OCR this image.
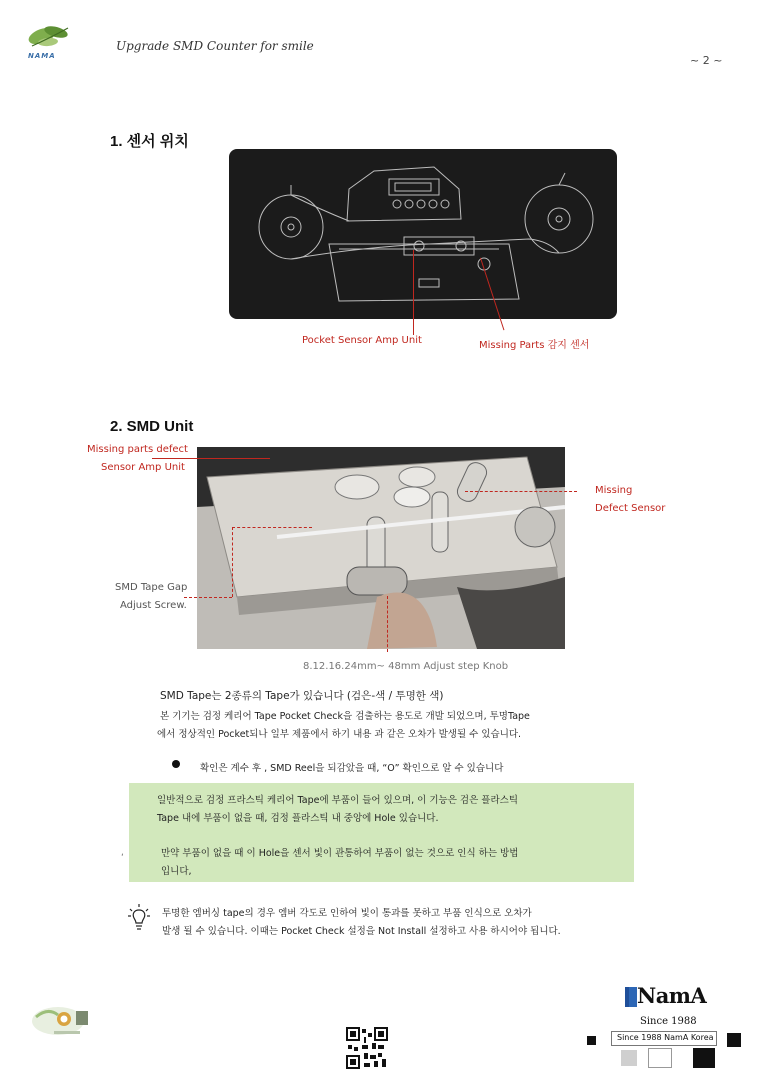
NAMA
Upgrade SMD Counter for smile
~ 2 ~
1. 센서 위치
Pocket Sensor Amp Unit	Missing Parts 감지 센서
2. SMD Unit
Missing parts defect
Sensor Amp Unit
Missing
Defect Sensor
SMD Tape Gap
Adjust Screw.
8.12.16.24mm~ 48mm Adjust step Knob
SMD Tape는 2종류의 Tape가 있습니다 (검은-색 / 투명한 색)
본 기기는 검정 케리어 Tape Pocket Check을 검출하는 용도로 개발 되었으며, 투명Tape
에서 정상적인 Pocket되나 일부 제품에서 하기 내용 과 같은 오차가 발생될 수 있습니다.
확인은 계수 후 , SMD Reel을 되감았을 때, “O” 확인으로 알 수 있습니다
일반적으로 검정 프라스틱 케리어 Tape에 부품이 들어 있으며, 이 기능은 검은 플라스틱
Tape 내에 부품이 없을 때, 검정 플라스틱 내 중앙에 Hole 있습니다.
만약 부품이 없을 때 이 Hole을 센서 빛이 관통하여 부품이 없는 것으로 인식 하는 방법
입니다,
‘
투명한 엠버싱 tape의 경우 엠버 각도로 인하여 빛이 통과를 못하고 부품 인식으로 오차가
발생 될 수 있습니다. 이때는 Pocket Check 설정을 Not Install 설정하고 사용 하시어야 됩니다.
NamA
Since 1988
Since 1988 NamA Korea
